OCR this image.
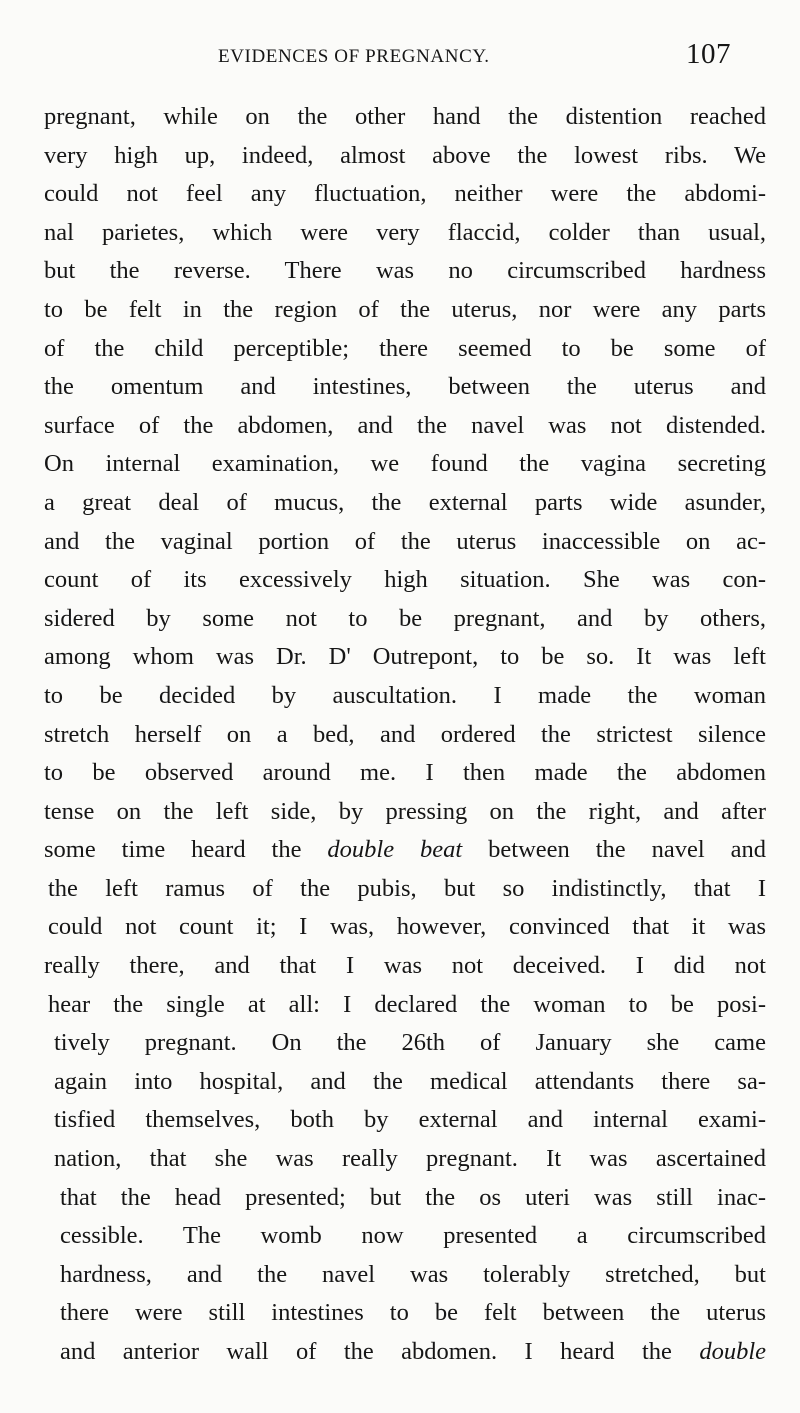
EVIDENCES OF PREGNANCY.	107
pregnant, while on the other hand the distention reached
very high up, indeed, almost above the lowest ribs. We
could not feel any fluctuation, neither were the abdomi-
nal parietes, which were very flaccid, colder than usual,
but the reverse. There was no circumscribed hardness
to be felt in the region of the uterus, nor were any parts
of the child perceptible; there seemed to be some of
the omentum and intestines, between the uterus and
surface of the abdomen, and the navel was not distended.
On internal examination, we found the vagina secreting
a great deal of mucus, the external parts wide asunder,
and the vaginal portion of the uterus inaccessible on ac-
count of its excessively high situation. She was con-
sidered by some not to be pregnant, and by others,
among whom was Dr. D' Outrepont, to be so. It was left
to be decided by auscultation. I made the woman
stretch herself on a bed, and ordered the strictest silence
to be observed around me. I then made the abdomen
tense on the left side, by pressing on the right, and after
some time heard the double beat between the navel and
the left ramus of the pubis, but so indistinctly, that I
could not count it; I was, however, convinced that it was
really there, and that I was not deceived. I did not
hear the single at all: I declared the woman to be posi-
tively pregnant. On the 26th of January she came
again into hospital, and the medical attendants there sa-
tisfied themselves, both by external and internal exami-
nation, that she was really pregnant. It was ascertained
that the head presented; but the os uteri was still inac-
cessible. The womb now presented a circumscribed
hardness, and the navel was tolerably stretched, but
there were still intestines to be felt between the uterus
and anterior wall of the abdomen. I heard the double
